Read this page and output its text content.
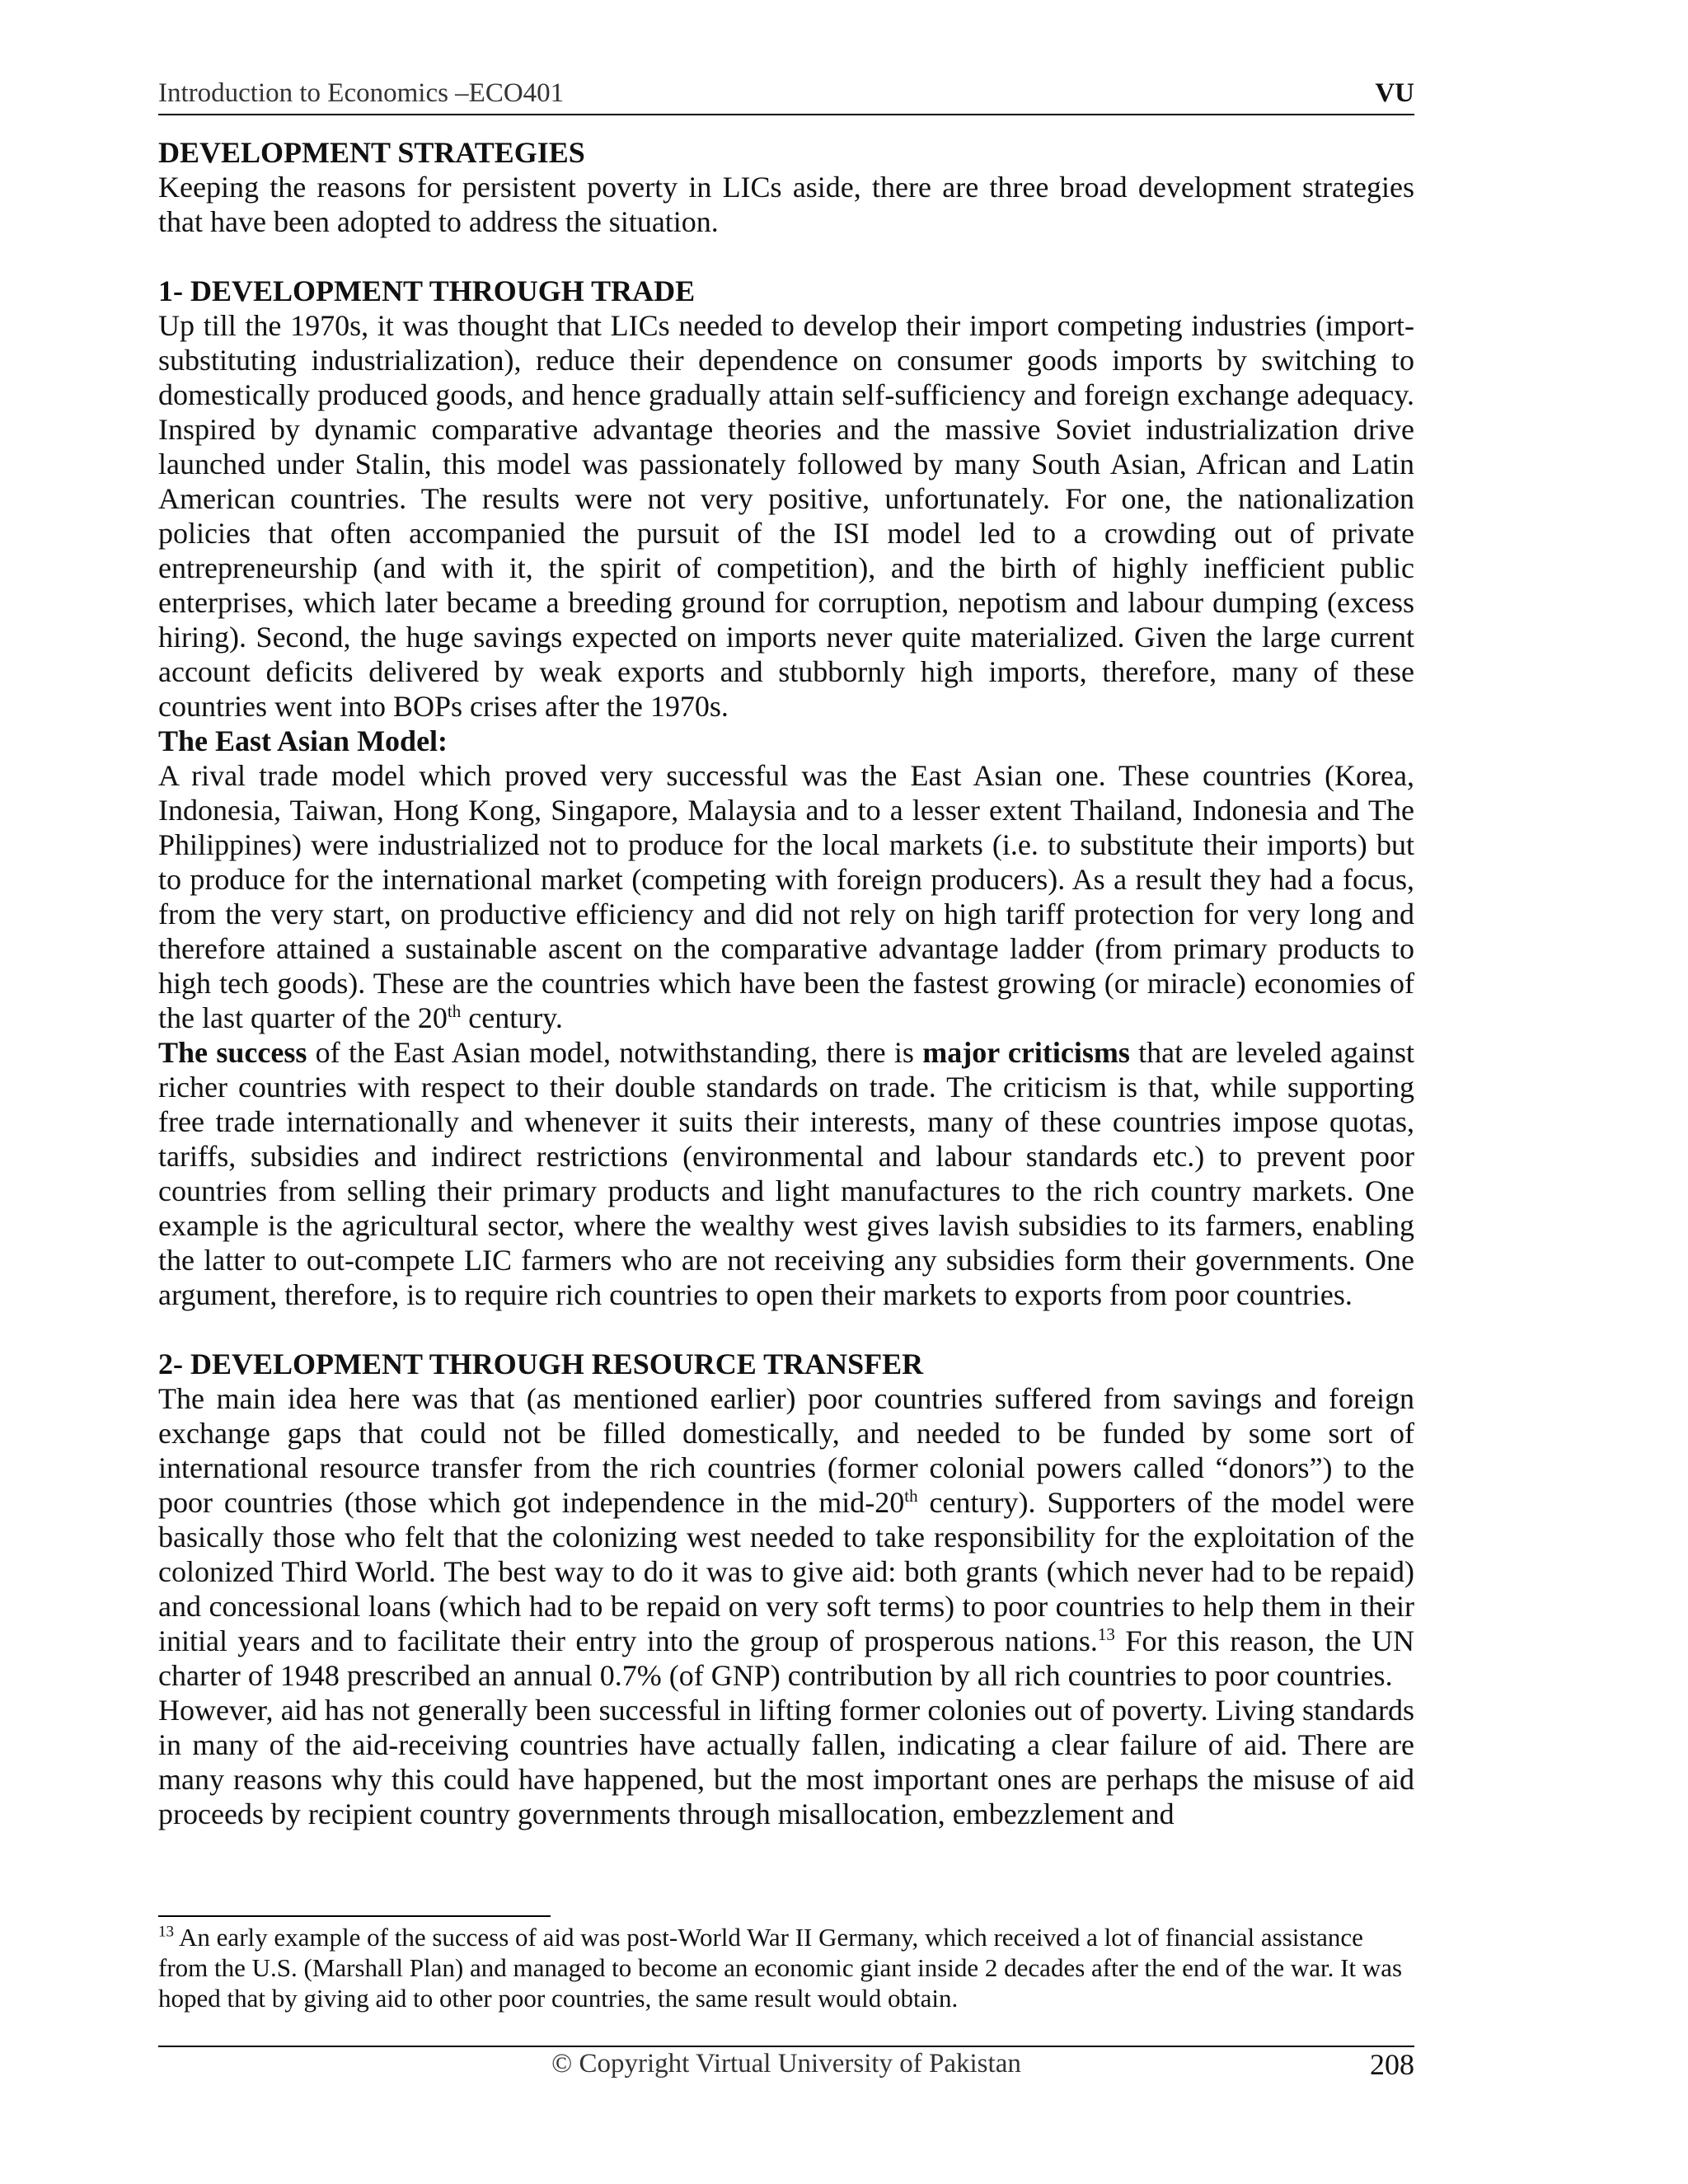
Introduction to Economics –ECO401	VU
DEVELOPMENT STRATEGIES

Keeping the reasons for persistent poverty in LICs aside, there are three broad development strategies that have been adopted to address the situation.

1- DEVELOPMENT THROUGH TRADE

Up till the 1970s, it was thought that LICs needed to develop their import competing industries (import-substituting industrialization), reduce their dependence on consumer goods imports by switching to domestically produced goods, and hence gradually attain self-sufficiency and foreign exchange adequacy. Inspired by dynamic comparative advantage theories and the massive Soviet industrialization drive launched under Stalin, this model was passionately followed by many South Asian, African and Latin American countries. The results were not very positive, unfortunately. For one, the nationalization policies that often accompanied the pursuit of the ISI model led to a crowding out of private entrepreneurship (and with it, the spirit of competition), and the birth of highly inefficient public enterprises, which later became a breeding ground for corruption, nepotism and labour dumping (excess hiring). Second, the huge savings expected on imports never quite materialized. Given the large current account deficits delivered by weak exports and stubbornly high imports, therefore, many of these countries went into BOPs crises after the 1970s.

The East Asian Model:

A rival trade model which proved very successful was the East Asian one. These countries (Korea, Indonesia, Taiwan, Hong Kong, Singapore, Malaysia and to a lesser extent Thailand, Indonesia and The Philippines) were industrialized not to produce for the local markets (i.e. to substitute their imports) but to produce for the international market (competing with foreign producers). As a result they had a focus, from the very start, on productive efficiency and did not rely on high tariff protection for very long and therefore attained a sustainable ascent on the comparative advantage ladder (from primary products to high tech goods). These are the countries which have been the fastest growing (or miracle) economies of the last quarter of the 20th century.

The success of the East Asian model, notwithstanding, there is major criticisms that are leveled against richer countries with respect to their double standards on trade. The criticism is that, while supporting free trade internationally and whenever it suits their interests, many of these countries impose quotas, tariffs, subsidies and indirect restrictions (environmental and labour standards etc.) to prevent poor countries from selling their primary products and light manufactures to the rich country markets. One example is the agricultural sector, where the wealthy west gives lavish subsidies to its farmers, enabling the latter to out-compete LIC farmers who are not receiving any subsidies form their governments. One argument, therefore, is to require rich countries to open their markets to exports from poor countries.

2- DEVELOPMENT THROUGH RESOURCE TRANSFER

The main idea here was that (as mentioned earlier) poor countries suffered from savings and foreign exchange gaps that could not be filled domestically, and needed to be funded by some sort of international resource transfer from the rich countries (former colonial powers called “donors”) to the poor countries (those which got independence in the mid-20th century). Supporters of the model were basically those who felt that the colonizing west needed to take responsibility for the exploitation of the colonized Third World. The best way to do it was to give aid: both grants (which never had to be repaid) and concessional loans (which had to be repaid on very soft terms) to poor countries to help them in their initial years and to facilitate their entry into the group of prosperous nations.$^{13}$ For this reason, the UN charter of 1948 prescribed an annual 0.7% (of GNP) contribution by all rich countries to poor countries.

However, aid has not generally been successful in lifting former colonies out of poverty. Living standards in many of the aid-receiving countries have actually fallen, indicating a clear failure of aid. There are many reasons why this could have happened, but the most important ones are perhaps the misuse of aid proceeds by recipient country governments through misallocation, embezzlement and

$^{13}$ An early example of the success of aid was post-World War II Germany, which received a lot of financial assistance from the U.S. (Marshall Plan) and managed to become an economic giant inside 2 decades after the end of the war. It was hoped that by giving aid to other poor countries, the same result would obtain.
© Copyright Virtual University of Pakistan	208
